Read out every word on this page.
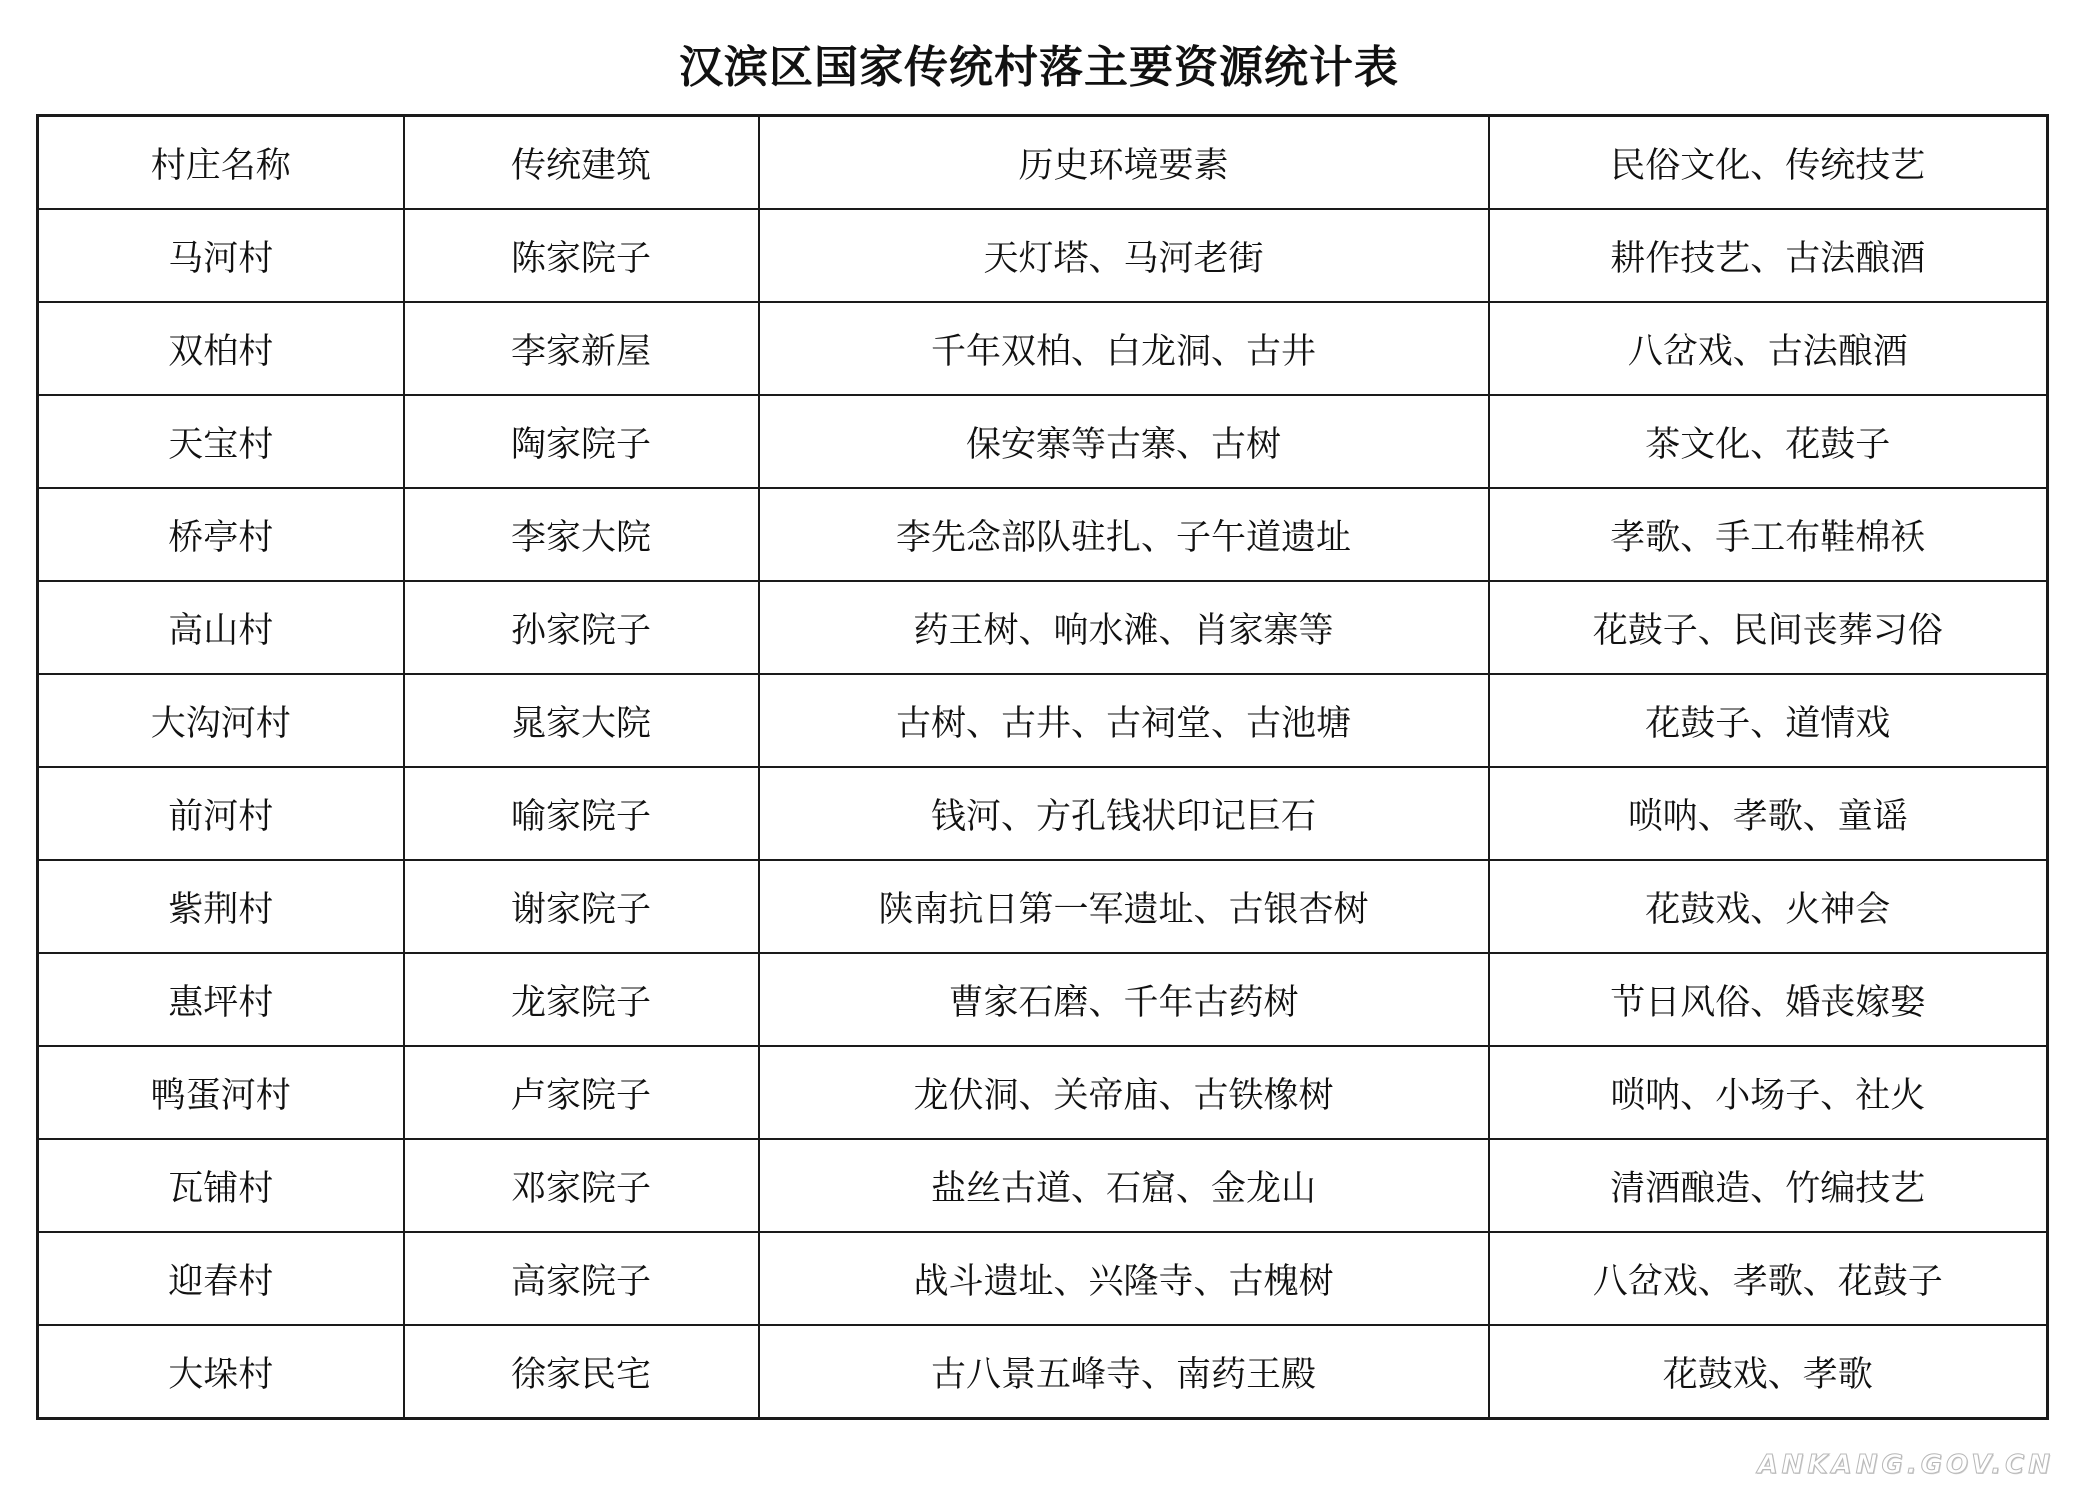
汉滨区国家传统村落主要资源统计表
村庄名称	传统建筑	历史环境要素	民俗文化、传统技艺
马河村	陈家院子	天灯塔、马河老街	耕作技艺、古法酿酒
双柏村	李家新屋	千年双柏、白龙洞、古井	八岔戏、古法酿酒
天宝村	陶家院子	保安寨等古寨、古树	茶文化、花鼓子
桥亭村	李家大院	李先念部队驻扎、子午道遗址	孝歌、手工布鞋棉袄
高山村	孙家院子	药王树、响水滩、肖家寨等	花鼓子、民间丧葬习俗
大沟河村	晁家大院	古树、古井、古祠堂、古池塘	花鼓子、道情戏
前河村	喻家院子	钱河、方孔钱状印记巨石	唢呐、孝歌、童谣
紫荆村	谢家院子	陕南抗日第一军遗址、古银杏树	花鼓戏、火神会
惠坪村	龙家院子	曹家石磨、千年古药树	节日风俗、婚丧嫁娶
鸭蛋河村	卢家院子	龙伏洞、关帝庙、古铁橡树	唢呐、小场子、社火
瓦铺村	邓家院子	盐丝古道、石窟、金龙山	清酒酿造、竹编技艺
迎春村	高家院子	战斗遗址、兴隆寺、古槐树	八岔戏、孝歌、花鼓子
大垛村	徐家民宅	古八景五峰寺、南药王殿	花鼓戏、孝歌
ANKANG.GOV.CN
